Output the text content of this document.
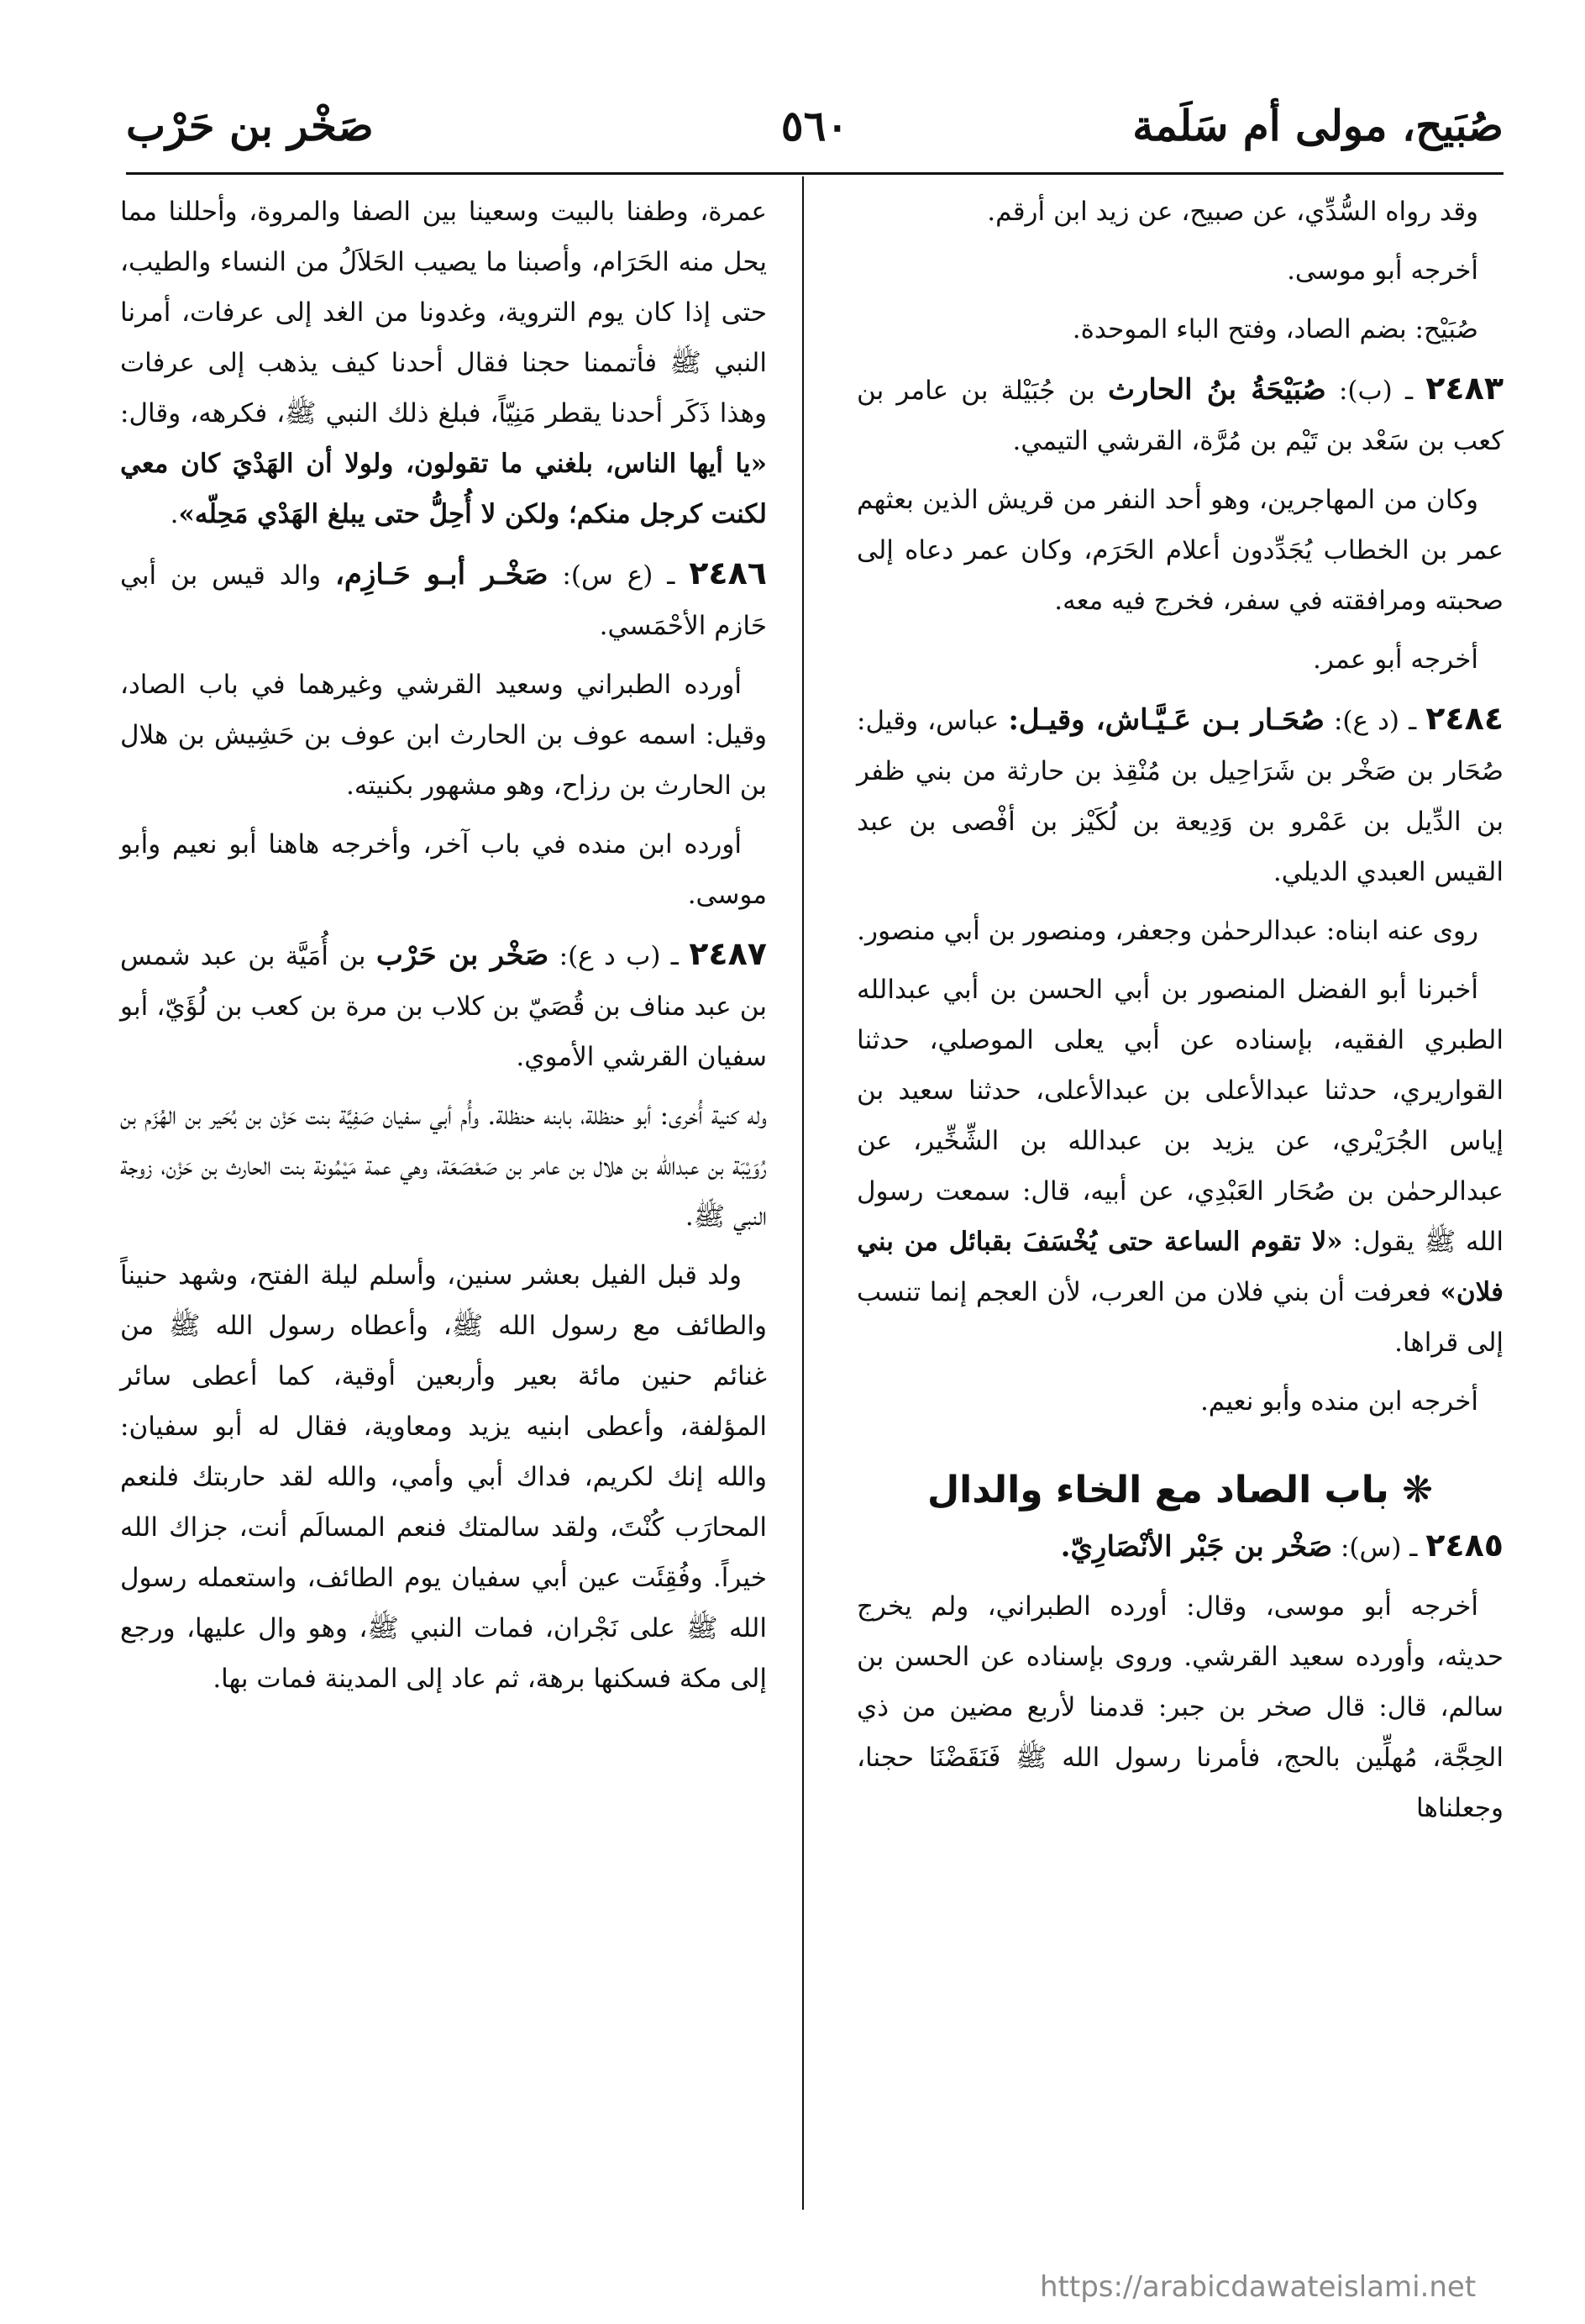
صُبَيح، مولى أم سَلَمة
٥٦٠
صَخْر بن حَرْب

وقد رواه السُّدِّي، عن صبيح، عن زيد ابن أرقم.

أخرجه أبو موسى.

صُبَيْح: بضم الصاد، وفتح الباء الموحدة.

٢٤٨٣ ـ (ب): صُبَيْحَةُ بنُ الحارث بن جُبَيْلة بن عامر بن كعب بن سَعْد بن تَيْم بن مُرَّة، القرشي التيمي.

وكان من المهاجرين، وهو أحد النفر من قريش الذين بعثهم عمر بن الخطاب يُجَدِّدون أعلام الحَرَم، وكان عمر دعاه إلى صحبته ومرافقته في سفر، فخرج فيه معه.

أخرجه أبو عمر.

٢٤٨٤ ـ (د ع): صُحَـار بـن عَـيَّـاش، وقيـل: عباس، وقيل: صُحَار بن صَخْر بن شَرَاحِيل بن مُنْقِذ بن حارثة من بني ظفر بن الدِّيل بن عَمْرو بن وَدِيعة بن لُكَيْز بن أفْصى بن عبد القيس العبدي الديلي.

روى عنه ابناه: عبدالرحمٰن وجعفر، ومنصور بن أبي منصور.

أخبرنا أبو الفضل المنصور بن أبي الحسن بن أبي عبدالله الطبري الفقيه، بإسناده عن أبي يعلى الموصلي، حدثنا القواريري، حدثنا عبدالأعلى بن عبدالأعلى، حدثنا سعيد بن إياس الجُرَيْري، عن يزيد بن عبدالله بن الشِّخِّير، عن عبدالرحمٰن بن صُحَار العَبْدِي، عن أبيه، قال: سمعت رسول الله ﷺ يقول: «لا تقوم الساعة حتى يُخْسَفَ بقبائل من بني فلان» فعرفت أن بني فلان من العرب، لأن العجم إنما تنسب إلى قراها.

أخرجه ابن منده وأبو نعيم.

❋ باب الصاد مع الخاء والدال

٢٤٨٥ ـ (س): صَخْر بن جَبْر الأنْصَارِيّ.

أخرجه أبو موسى، وقال: أورده الطبراني، ولم يخرج حديثه، وأورده سعيد القرشي. وروى بإسناده عن الحسن بن سالم، قال: قال صخر بن جبر: قدمنا لأربع مضين من ذي الحِجَّة، مُهلِّين بالحج، فأمرنا رسول الله ﷺ فَنَقَضْنَا حجنا، وجعلناها

عمرة، وطفنا بالبيت وسعينا بين الصفا والمروة، وأحللنا مما يحل منه الحَرَام، وأصبنا ما يصيب الحَلاَلُ من النساء والطيب، حتى إذا كان يوم التروية، وغدونا من الغد إلى عرفات، أمرنا النبي ﷺ فأتممنا حجنا فقال أحدنا كيف يذهب إلى عرفات وهذا ذَكَر أحدنا يقطر مَنِيّاً، فبلغ ذلك النبي ﷺ، فكرهه، وقال: «يا أيها الناس، بلغني ما تقولون، ولولا أن الهَدْيَ كان معي لكنت كرجل منكم؛ ولكن لا أُحِلُّ حتى يبلغ الهَدْي مَحِلّه».

٢٤٨٦ ـ (ع س): صَخْـر أبـو حَـازِم، والد قيس بن أبي حَازم الأحْمَسي.

أورده الطبراني وسعيد القرشي وغيرهما في باب الصاد، وقيل: اسمه عوف بن الحارث ابن عوف بن حَشِيش بن هلال بن الحارث بن رزاح، وهو مشهور بكنيته.

أورده ابن منده في باب آخر، وأخرجه هاهنا أبو نعيم وأبو موسى.

٢٤٨٧ ـ (ب د ع): صَخْر بن حَرْب بن أُمَيَّة بن عبد شمس بن عبد مناف بن قُصَيّ بن كلاب بن مرة بن كعب بن لُؤَيّ، أبو سفيان القرشي الأموي.

وله كنية أُخرى: أبو حنظلة، بابنه حنظلة. وأُم أبي سفيان صَفِيَّة بنت حَزْن بن بُحَير بن الهُزَم بن رُوَيْبَة بن عبدالله بن هلال بن عامر بن صَعْصَعَة، وهي عمة مَيْمُونة بنت الحارث بن حَزْن، زوجة النبي ﷺ.

ولد قبل الفيل بعشر سنين، وأسلم ليلة الفتح، وشهد حنيناً والطائف مع رسول الله ﷺ، وأعطاه رسول الله ﷺ من غنائم حنين مائة بعير وأربعين أوقية، كما أعطى سائر المؤلفة، وأعطى ابنيه يزيد ومعاوية، فقال له أبو سفيان: والله إنك لكريم، فداك أبي وأمي، والله لقد حاربتك فلنعم المحارَب كُنْتَ، ولقد سالمتك فنعم المسالَم أنت، جزاك الله خيراً. وفُقِئَت عين أبي سفيان يوم الطائف، واستعمله رسول الله ﷺ على نَجْران، فمات النبي ﷺ، وهو وال عليها، ورجع إلى مكة فسكنها برهة، ثم عاد إلى المدينة فمات بها.

https://arabicdawateislami.net
